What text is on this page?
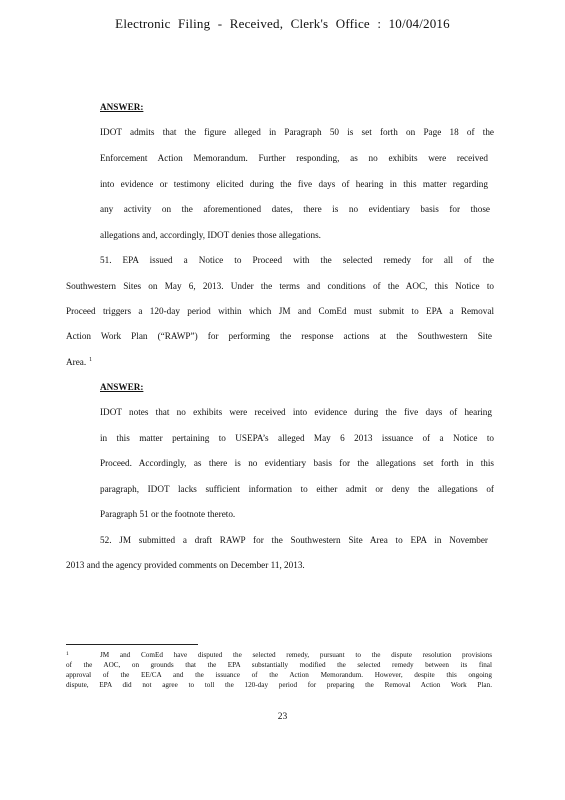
Electronic Filing - Received, Clerk's Office : 10/04/2016
ANSWER:
IDOT admits that the figure alleged in Paragraph 50 is set forth on Page 18 of the
Enforcement Action Memorandum. Further responding, as no exhibits were received
into evidence or testimony elicited during the five days of hearing in this matter regarding
any activity on the aforementioned dates, there is no evidentiary basis for those
allegations and, accordingly, IDOT denies those allegations.
51. EPA issued a Notice to Proceed with the selected remedy for all of the
Southwestern Sites on May 6, 2013. Under the terms and conditions of the AOC, this Notice to
Proceed triggers a 120-day period within which JM and ComEd must submit to EPA a Removal
Action Work Plan (“RAWP”) for performing the response actions at the Southwestern Site
Area. $^1$
ANSWER:
IDOT notes that no exhibits were received into evidence during the five days of hearing
in this matter pertaining to USEPA’s alleged May 6 2013 issuance of a Notice to
Proceed. Accordingly, as there is no evidentiary basis for the allegations set forth in this
paragraph, IDOT lacks sufficient information to either admit or deny the allegations of
Paragraph 51 or the footnote thereto.
52. JM submitted a draft RAWP for the Southwestern Site Area to EPA in November
2013 and the agency provided comments on December 11, 2013.
1	JM and ComEd have disputed the selected remedy, pursuant to the dispute resolution provisions
of the AOC, on grounds that the EPA substantially modified the selected remedy between its final
approval of the EE/CA and the issuance of the Action Memorandum. However, despite this ongoing
dispute, EPA did not agree to toll the 120-day period for preparing the Removal Action Work Plan.
23
